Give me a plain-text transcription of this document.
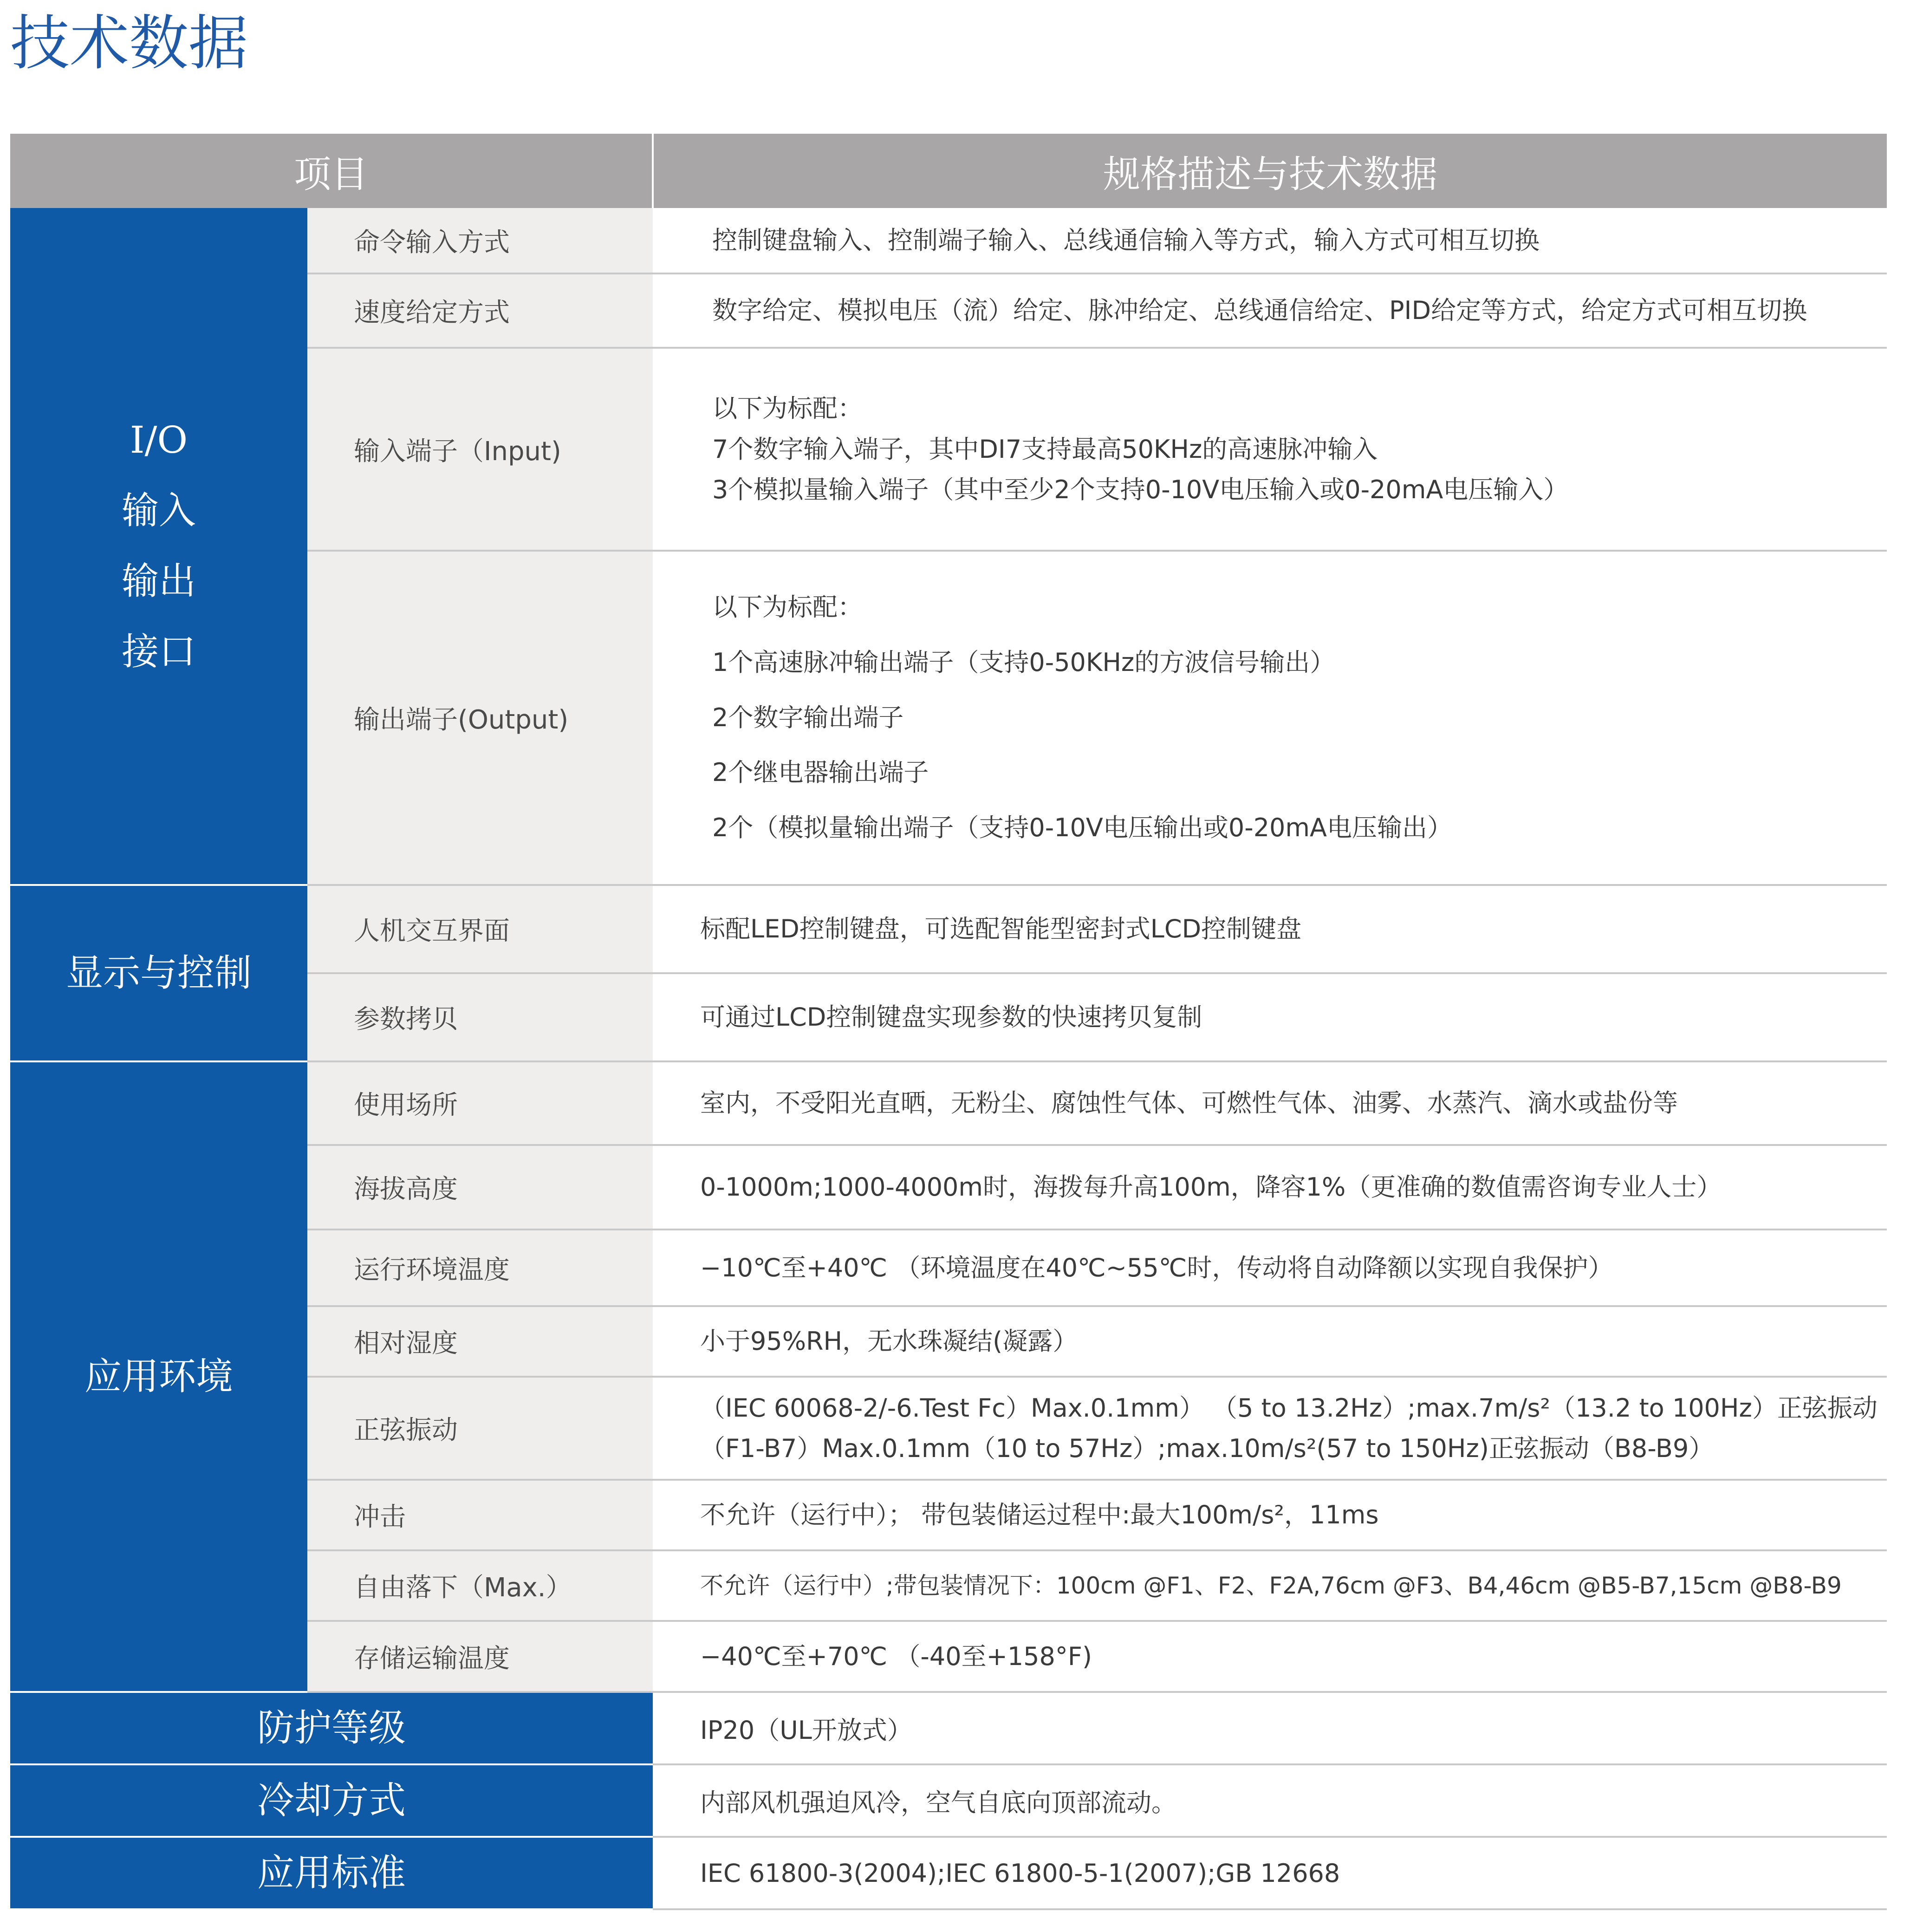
技术数据
项目		规格描述与技术数据

I/O
输入
输出
接口	命令输入方式	控制键盘输入、控制端子输入、总线通信输入等方式，输入方式可相互切换

	速度给定方式	数字给定、模拟电压（流）给定、脉冲给定、总线通信给定、PID给定等方式，给定方式可相互切换

	输入端子（Input)	以下为标配：
7个数字输入端子，其中DI7支持最高50KHz的高速脉冲输入
3个模拟量输入端子（其中至少2个支持0-10V电压输入或0-20mA电压输入）

	输出端子(Output)	以下为标配：
1个高速脉冲输出端子（支持0-50KHz的方波信号输出）
2个数字输出端子
2个继电器输出端子
2个（模拟量输出端子（支持0-10V电压输出或0-20mA电压输出）

显示与控制	人机交互界面	标配LED控制键盘，可选配智能型密封式LCD控制键盘

	参数拷贝	可通过LCD控制键盘实现参数的快速拷贝复制

应用环境	使用场所	室内，不受阳光直晒，无粉尘、腐蚀性气体、可燃性气体、油雾、水蒸汽、滴水或盐份等

	海拔高度	0-1000m;1000-4000m时，海拨每升高100m，降容1%（更准确的数值需咨询专业人士）

	运行环境温度	−10℃至+40℃ （环境温度在40℃~55℃时，传动将自动降额以实现自我保护）

	相对湿度	小于95%RH，无水珠凝结(凝露）

	正弦振动	（IEC 60068-2/-6.Test Fc）Max.0.1mm） （5 to 13.2Hz）;max.7m/s²（13.2 to 100Hz）正弦振动
（F1-B7）Max.0.1mm（10 to 57Hz）;max.10m/s²(57 to 150Hz)正弦振动（B8-B9）

	冲击	不允许（运行中）； 带包装储运过程中:最大100m/s²，11ms

	自由落下（Max.）	不允许（运行中）;带包装情况下：100cm @F1、F2、F2A,76cm @F3、B4,46cm @B5-B7,15cm @B8-B9

	存储运输温度	−40℃至+70℃ （-40至+158°F)

防护等级		IP20（UL开放式）
冷却方式		内部风机强迫风冷，空气自底向顶部流动。
应用标准		IEC 61800-3(2004);IEC 61800-5-1(2007);GB 12668
